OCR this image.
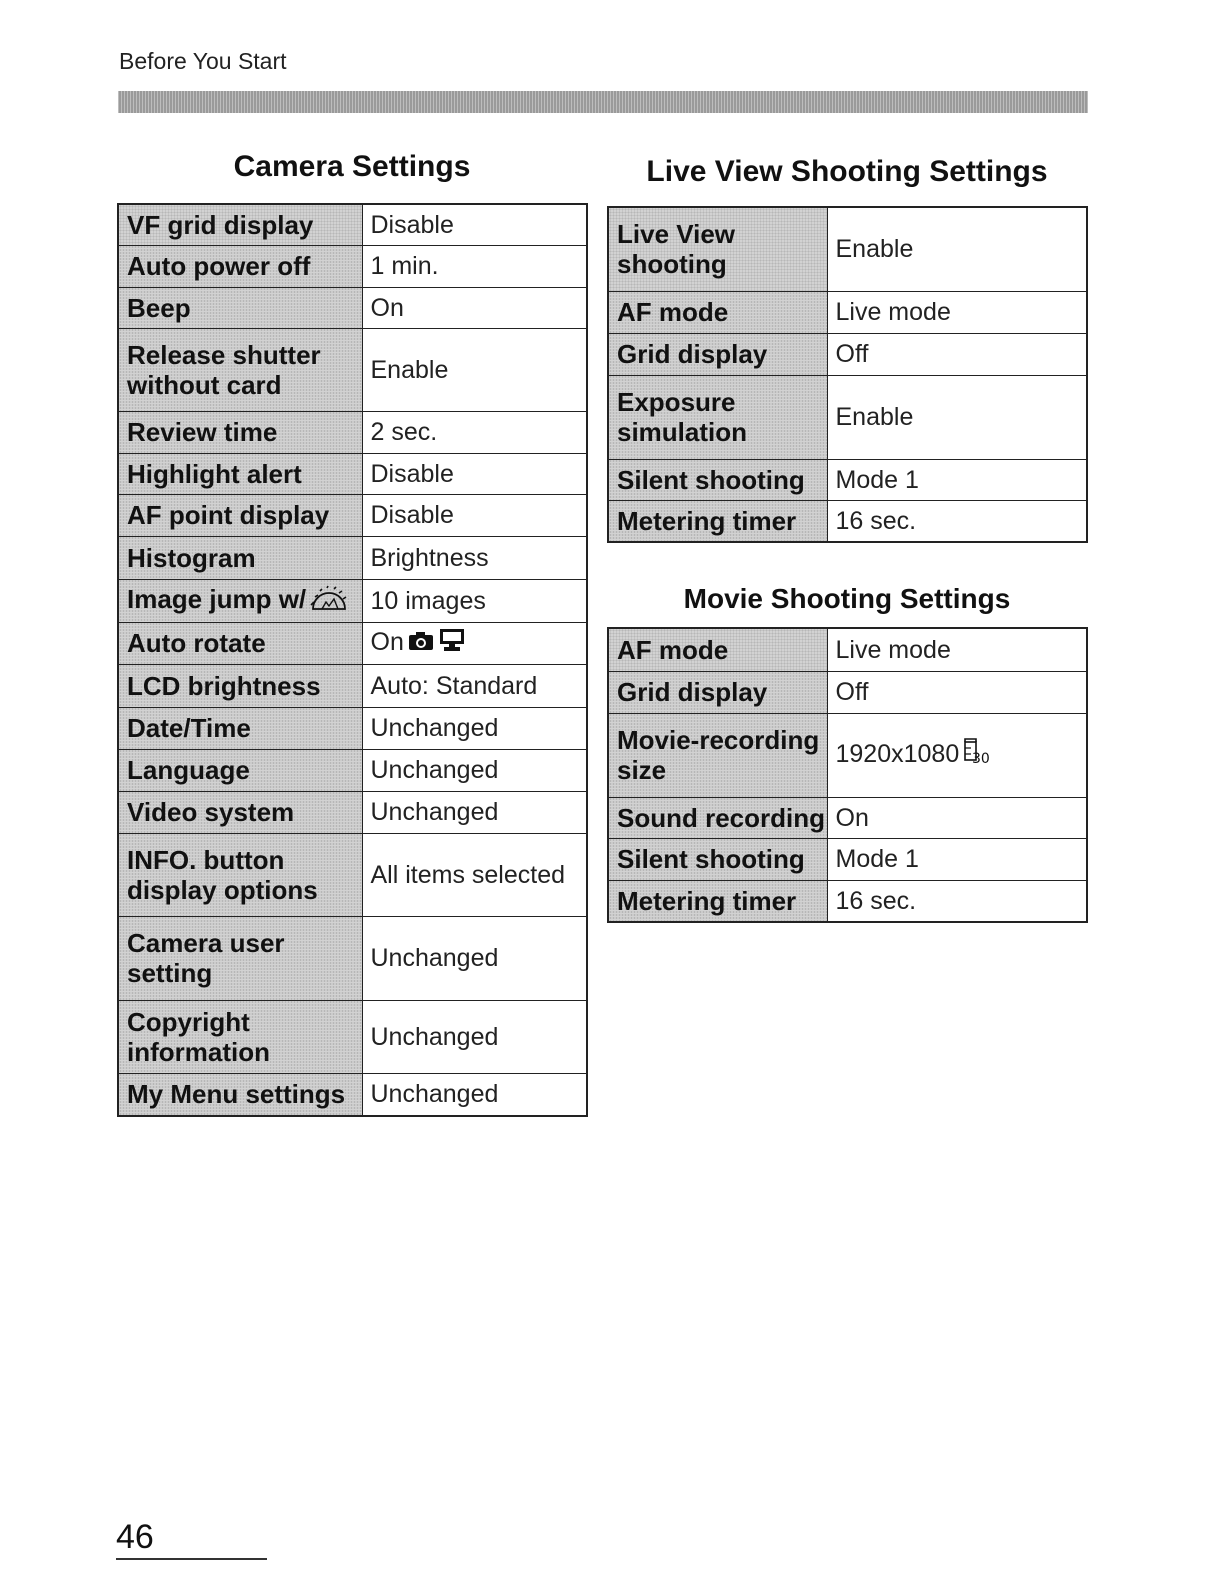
Before You Start
Camera Settings
VF grid display	Disable
Auto power off	1 min.
Beep	On
Release shutter without card	Enable
Review time	2 sec.
Highlight alert	Disable
AF point display	Disable
Histogram	Brightness
Image jump w/	10 images
Auto rotate	On
LCD brightness	Auto: Standard
Date/Time	Unchanged
Language	Unchanged
Video system	Unchanged
INFO. button display options	All items selected
Camera user setting	Unchanged
Copyright information	Unchanged
My Menu settings	Unchanged
Live View Shooting Settings
Live View shooting	Enable
AF mode	Live mode
Grid display	Off
Exposure simulation	Enable
Silent shooting	Mode 1
Metering timer	16 sec.
Movie Shooting Settings
AF mode	Live mode
Grid display	Off
Movie-recording size	1920x1080 30

Sound recording	On
Silent shooting	Mode 1
Metering timer	16 sec.
46
